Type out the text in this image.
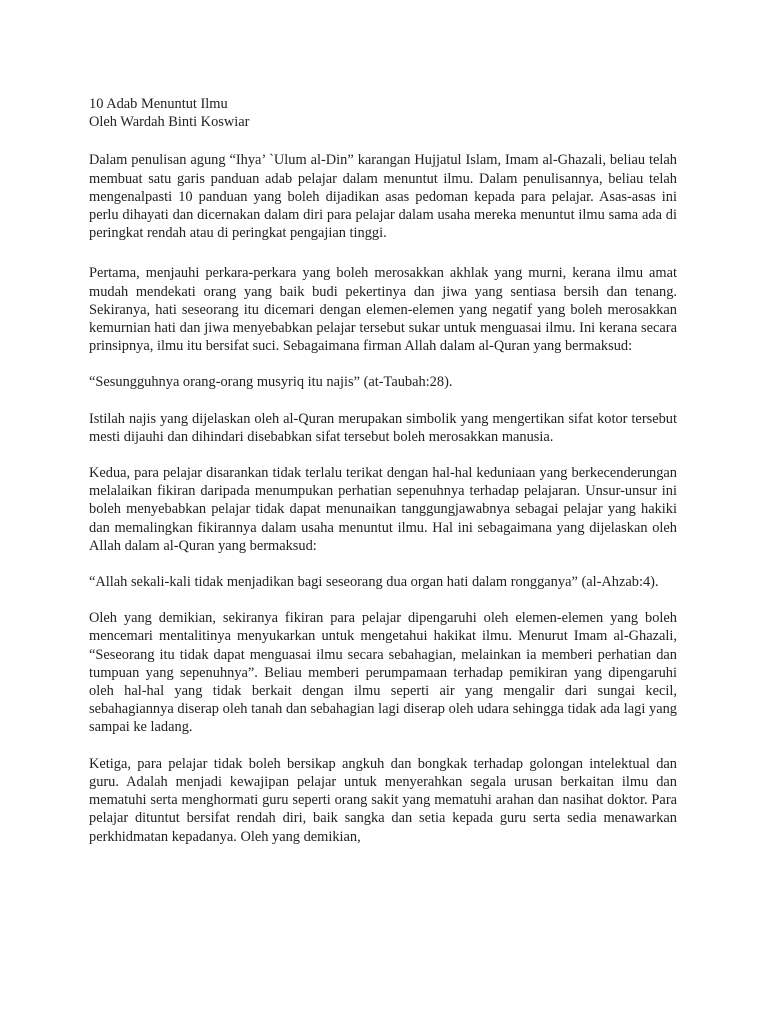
10 Adab Menuntut Ilmu
Oleh Wardah Binti Koswiar

Dalam penulisan agung “Ihya’ `Ulum al-Din” karangan Hujjatul Islam, Imam al-Ghazali, beliau telah membuat satu garis panduan adab pelajar dalam menuntut ilmu. Dalam penulisannya, beliau telah mengenalpasti 10 panduan yang boleh dijadikan asas pedoman kepada para pelajar. Asas-asas ini perlu dihayati dan dicernakan dalam diri para pelajar dalam usaha mereka menuntut ilmu sama ada di peringkat rendah atau di peringkat pengajian tinggi.

Pertama, menjauhi perkara-perkara yang boleh merosakkan akhlak yang murni, kerana ilmu amat mudah mendekati orang yang baik budi pekertinya dan jiwa yang sentiasa bersih dan tenang. Sekiranya, hati seseorang itu dicemari dengan elemen-elemen yang negatif yang boleh merosakkan kemurnian hati dan jiwa menyebabkan pelajar tersebut sukar untuk menguasai ilmu. Ini kerana secara prinsipnya, ilmu itu bersifat suci. Sebagaimana firman Allah dalam al-Quran yang bermaksud:

“Sesungguhnya orang-orang musyriq itu najis” (at-Taubah:28).

Istilah najis yang dijelaskan oleh al-Quran merupakan simbolik yang mengertikan sifat kotor tersebut mesti dijauhi dan dihindari disebabkan sifat tersebut boleh merosakkan manusia.

Kedua, para pelajar disarankan tidak terlalu terikat dengan hal-hal keduniaan yang berkecenderungan melalaikan fikiran daripada menumpukan perhatian sepenuhnya terhadap pelajaran. Unsur-unsur ini boleh menyebabkan pelajar tidak dapat menunaikan tanggungjawabnya sebagai pelajar yang hakiki dan memalingkan fikirannya dalam usaha menuntut ilmu. Hal ini sebagaimana yang dijelaskan oleh Allah dalam al-Quran yang bermaksud:

“Allah sekali-kali tidak menjadikan bagi seseorang dua organ hati dalam rongganya” (al-Ahzab:4).

Oleh yang demikian, sekiranya fikiran para pelajar dipengaruhi oleh elemen-elemen yang boleh mencemari mentalitinya menyukarkan untuk mengetahui hakikat ilmu. Menurut Imam al-Ghazali, “Seseorang itu tidak dapat menguasai ilmu secara sebahagian, melainkan ia memberi perhatian dan tumpuan yang sepenuhnya”. Beliau memberi perumpamaan terhadap pemikiran yang dipengaruhi oleh hal-hal yang tidak berkait dengan ilmu seperti air yang mengalir dari sungai kecil, sebahagiannya diserap oleh tanah dan sebahagian lagi diserap oleh udara sehingga tidak ada lagi yang sampai ke ladang.

Ketiga, para pelajar tidak boleh bersikap angkuh dan bongkak terhadap golongan intelektual dan guru. Adalah menjadi kewajipan pelajar untuk menyerahkan segala urusan berkaitan ilmu dan mematuhi serta menghormati guru seperti orang sakit yang mematuhi arahan dan nasihat doktor. Para pelajar dituntut bersifat rendah diri, baik sangka dan setia kepada guru serta sedia menawarkan perkhidmatan kepadanya. Oleh yang demikian,
